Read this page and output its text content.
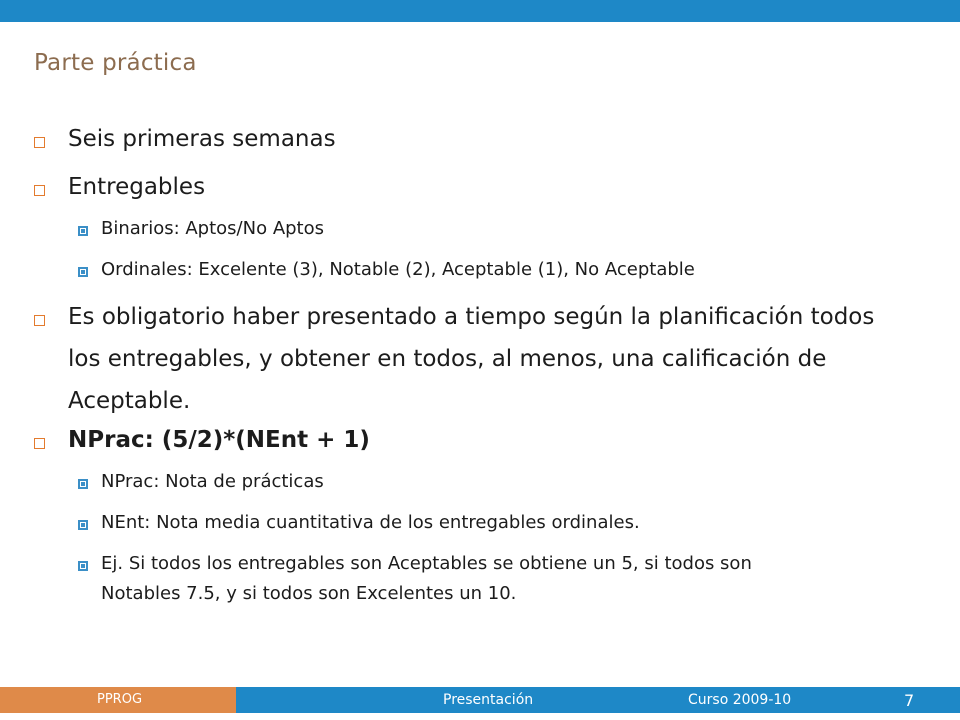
Parte práctica
Seis primeras semanas
Entregables
Binarios: Aptos/No Aptos
Ordinales: Excelente (3), Notable (2), Aceptable (1), No Aceptable
Es obligatorio haber presentado a tiempo según la planificación todos los entregables, y obtener en todos, al menos, una calificación de Aceptable.
NPrac: (5/2)*(NEnt + 1)
NPrac: Nota de prácticas
NEnt: Nota media cuantitativa de los entregables ordinales.
Ej. Si todos los entregables son Aceptables se obtiene un 5, si todos son Notables 7.5, y si todos son Excelentes un 10.
PPROG	Presentación	Curso 2009-10	7
